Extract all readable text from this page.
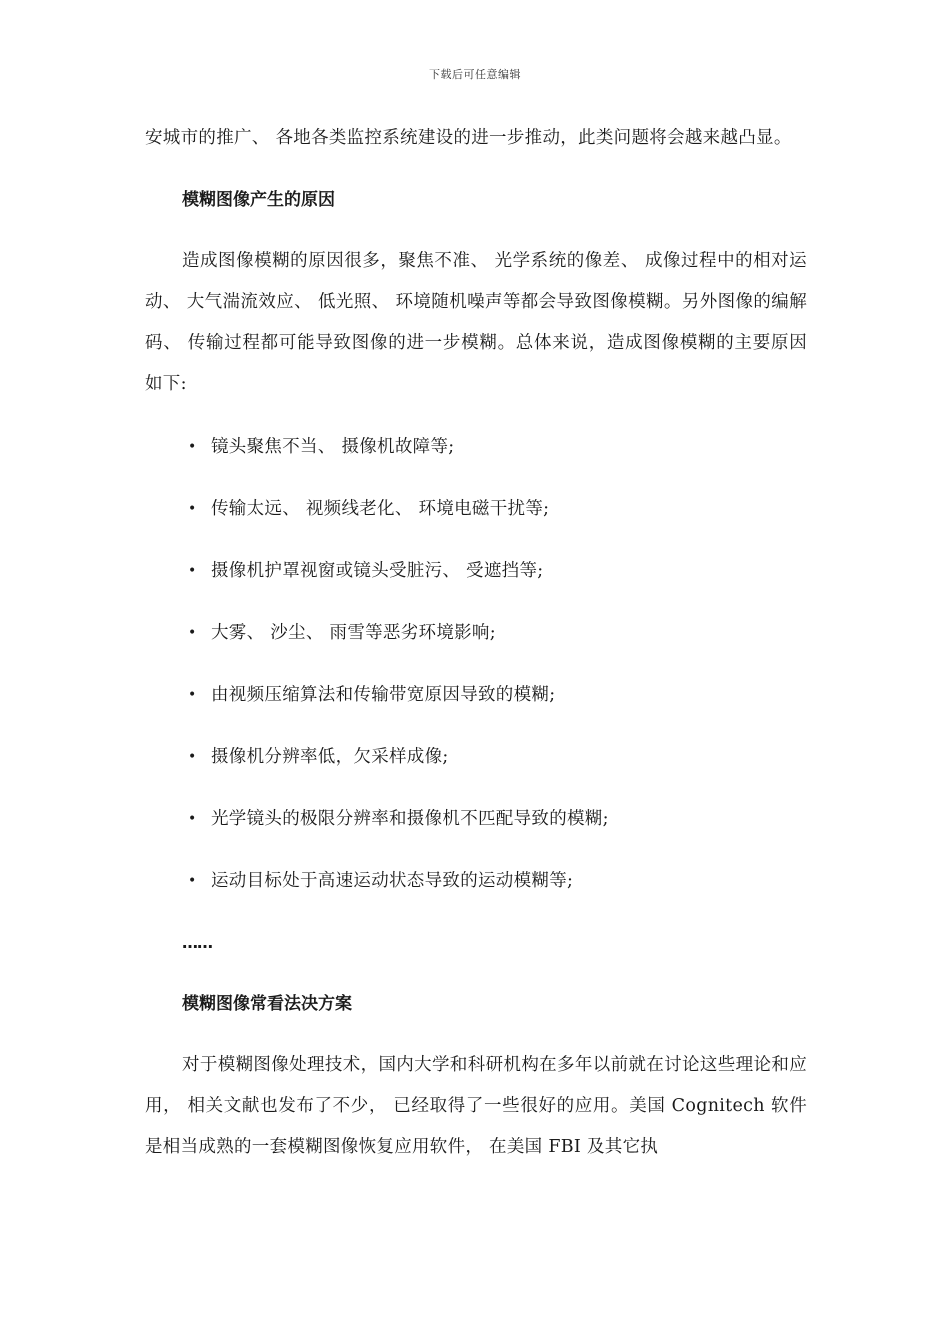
下载后可任意编辑

安城市的推广、 各地各类监控系统建设的进一步推动，此类问题将会越来越凸显。

模糊图像产生的原因

造成图像模糊的原因很多，聚焦不准、 光学系统的像差、 成像过程中的相对运动、 大气湍流效应、 低光照、 环境随机噪声等都会导致图像模糊。另外图像的编解码、 传输过程都可能导致图像的进一步模糊。总体来说，造成图像模糊的主要原因如下:

• 镜头聚焦不当、 摄像机故障等;
• 传输太远、 视频线老化、 环境电磁干扰等;
• 摄像机护罩视窗或镜头受脏污、 受遮挡等;
• 大雾、 沙尘、 雨雪等恶劣环境影响;
• 由视频压缩算法和传输带宽原因导致的模糊;
• 摄像机分辨率低，欠采样成像;
• 光学镜头的极限分辨率和摄像机不匹配导致的模糊;
• 运动目标处于高速运动状态导致的运动模糊等;

……

模糊图像常看法决方案

对于模糊图像处理技术，国内大学和科研机构在多年以前就在讨论这些理论和应用， 相关文献也发布了不少， 已经取得了一些很好的应用。美国 Cognitech 软件是相当成熟的一套模糊图像恢复应用软件， 在美国 FBI 及其它执
